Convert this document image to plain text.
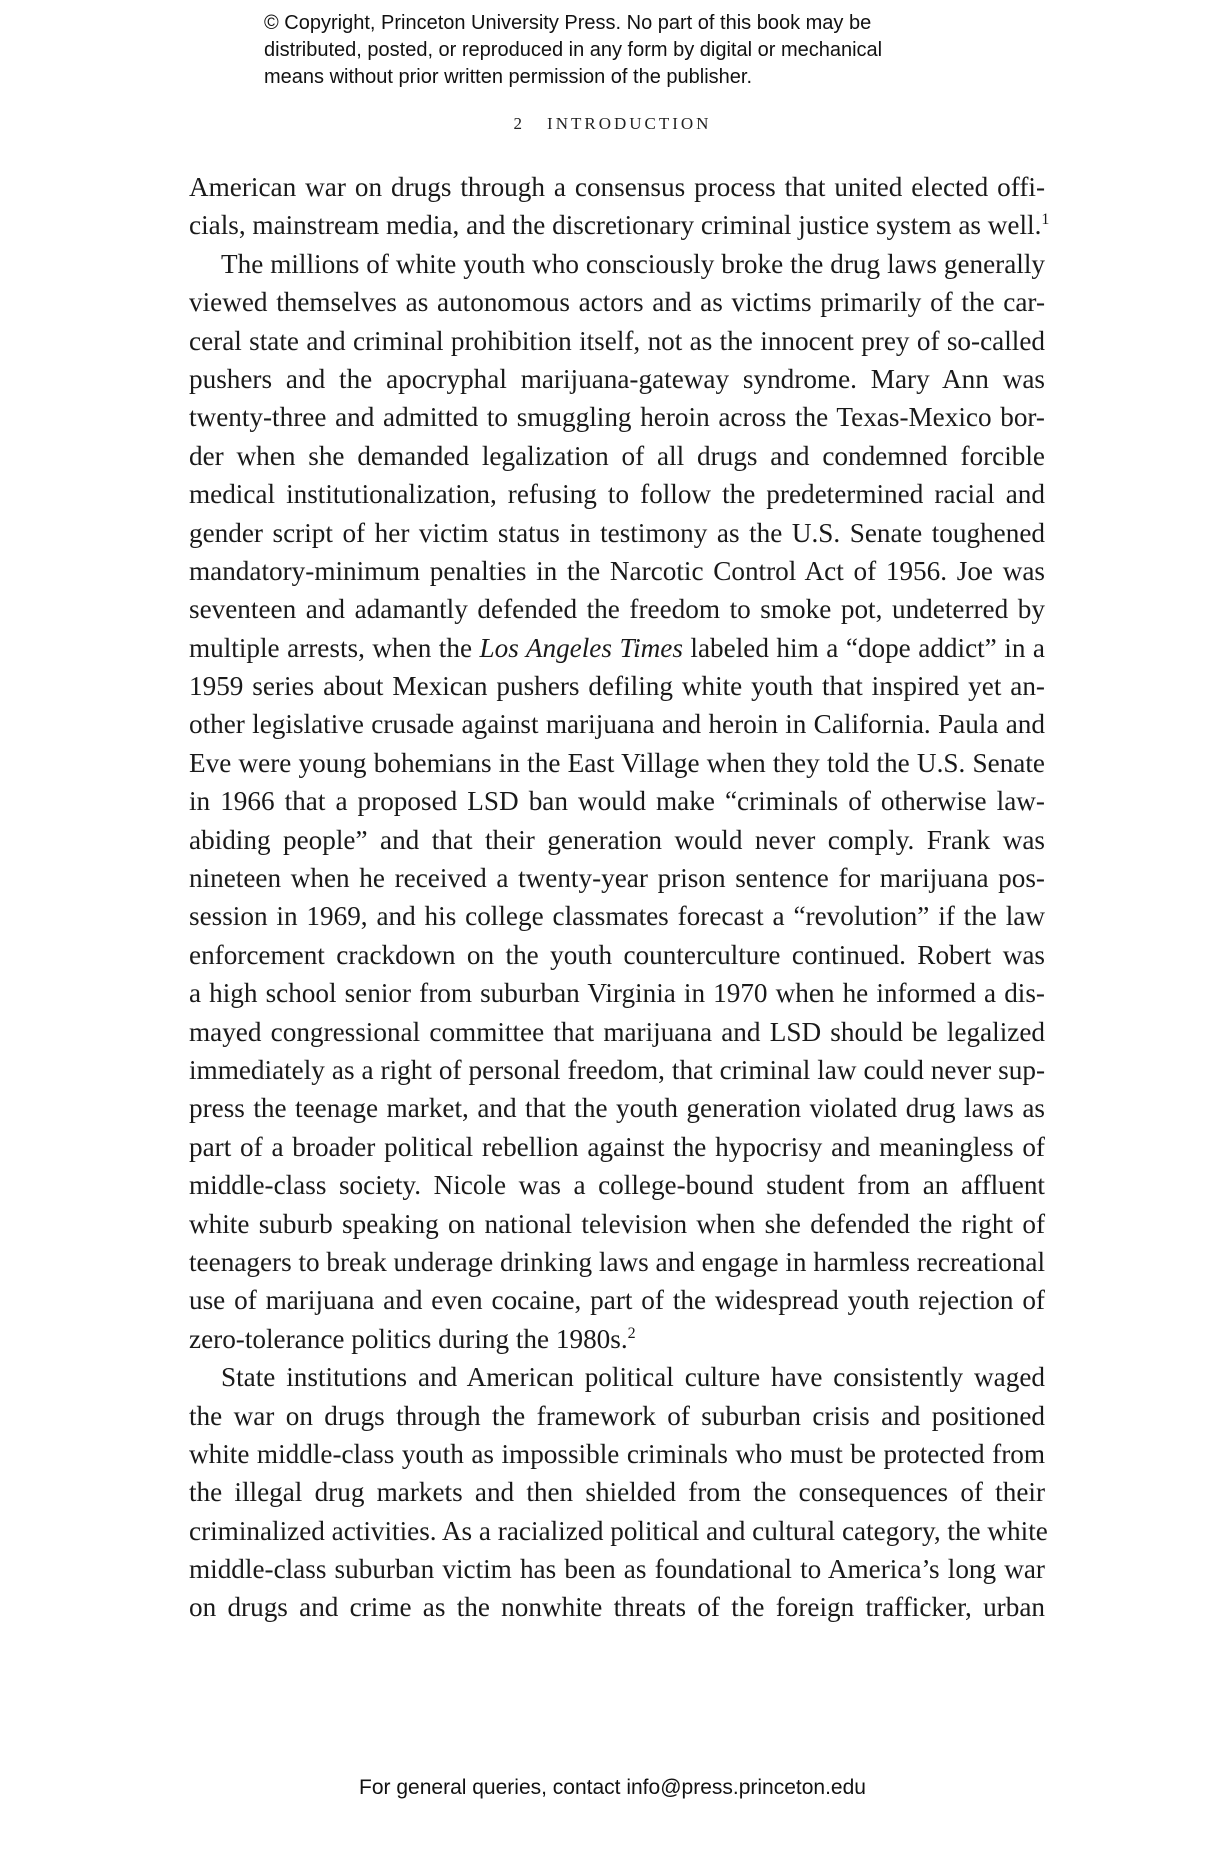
© Copyright, Princeton University Press. No part of this book may be
distributed, posted, or reproduced in any form by digital or mechanical
means without prior written permission of the publisher.
2 INTRODUCTION
American war on drugs through a consensus process that united elected offi-
cials, mainstream media, and the discretionary criminal justice system as well.$^1$
The millions of white youth who consciously broke the drug laws generally
viewed themselves as autonomous actors and as victims primarily of the car-
ceral state and criminal prohibition itself, not as the innocent prey of so-called
pushers and the apocryphal marijuana-gateway syndrome. Mary Ann was
twenty-three and admitted to smuggling heroin across the Texas-Mexico bor-
der when she demanded legalization of all drugs and condemned forcible
medical institutionalization, refusing to follow the predetermined racial and
gender script of her victim status in testimony as the U.S. Senate toughened
mandatory-minimum penalties in the Narcotic Control Act of 1956. Joe was
seventeen and adamantly defended the freedom to smoke pot, undeterred by
multiple arrests, when the Los Angeles Times labeled him a “dope addict” in a
1959 series about Mexican pushers defiling white youth that inspired yet an-
other legislative crusade against marijuana and heroin in California. Paula and
Eve were young bohemians in the East Village when they told the U.S. Senate
in 1966 that a proposed LSD ban would make “criminals of otherwise law-
abiding people” and that their generation would never comply. Frank was
nineteen when he received a twenty-year prison sentence for marijuana pos-
session in 1969, and his college classmates forecast a “revolution” if the law
enforcement crackdown on the youth counterculture continued. Robert was
a high school senior from suburban Virginia in 1970 when he informed a dis-
mayed congressional committee that marijuana and LSD should be legalized
immediately as a right of personal freedom, that criminal law could never sup-
press the teenage market, and that the youth generation violated drug laws as
part of a broader political rebellion against the hypocrisy and meaningless of
middle-class society. Nicole was a college-bound student from an affluent
white suburb speaking on national television when she defended the right of
teenagers to break underage drinking laws and engage in harmless recreational
use of marijuana and even cocaine, part of the widespread youth rejection of
zero-tolerance politics during the 1980s.$^2$
State institutions and American political culture have consistently waged
the war on drugs through the framework of suburban crisis and positioned
white middle-class youth as impossible criminals who must be protected from
the illegal drug markets and then shielded from the consequences of their
criminalized activities. As a racialized political and cultural category, the white
middle-class suburban victim has been as foundational to America’s long war
on drugs and crime as the nonwhite threats of the foreign trafficker, urban
For general queries, contact info@press.princeton.edu
